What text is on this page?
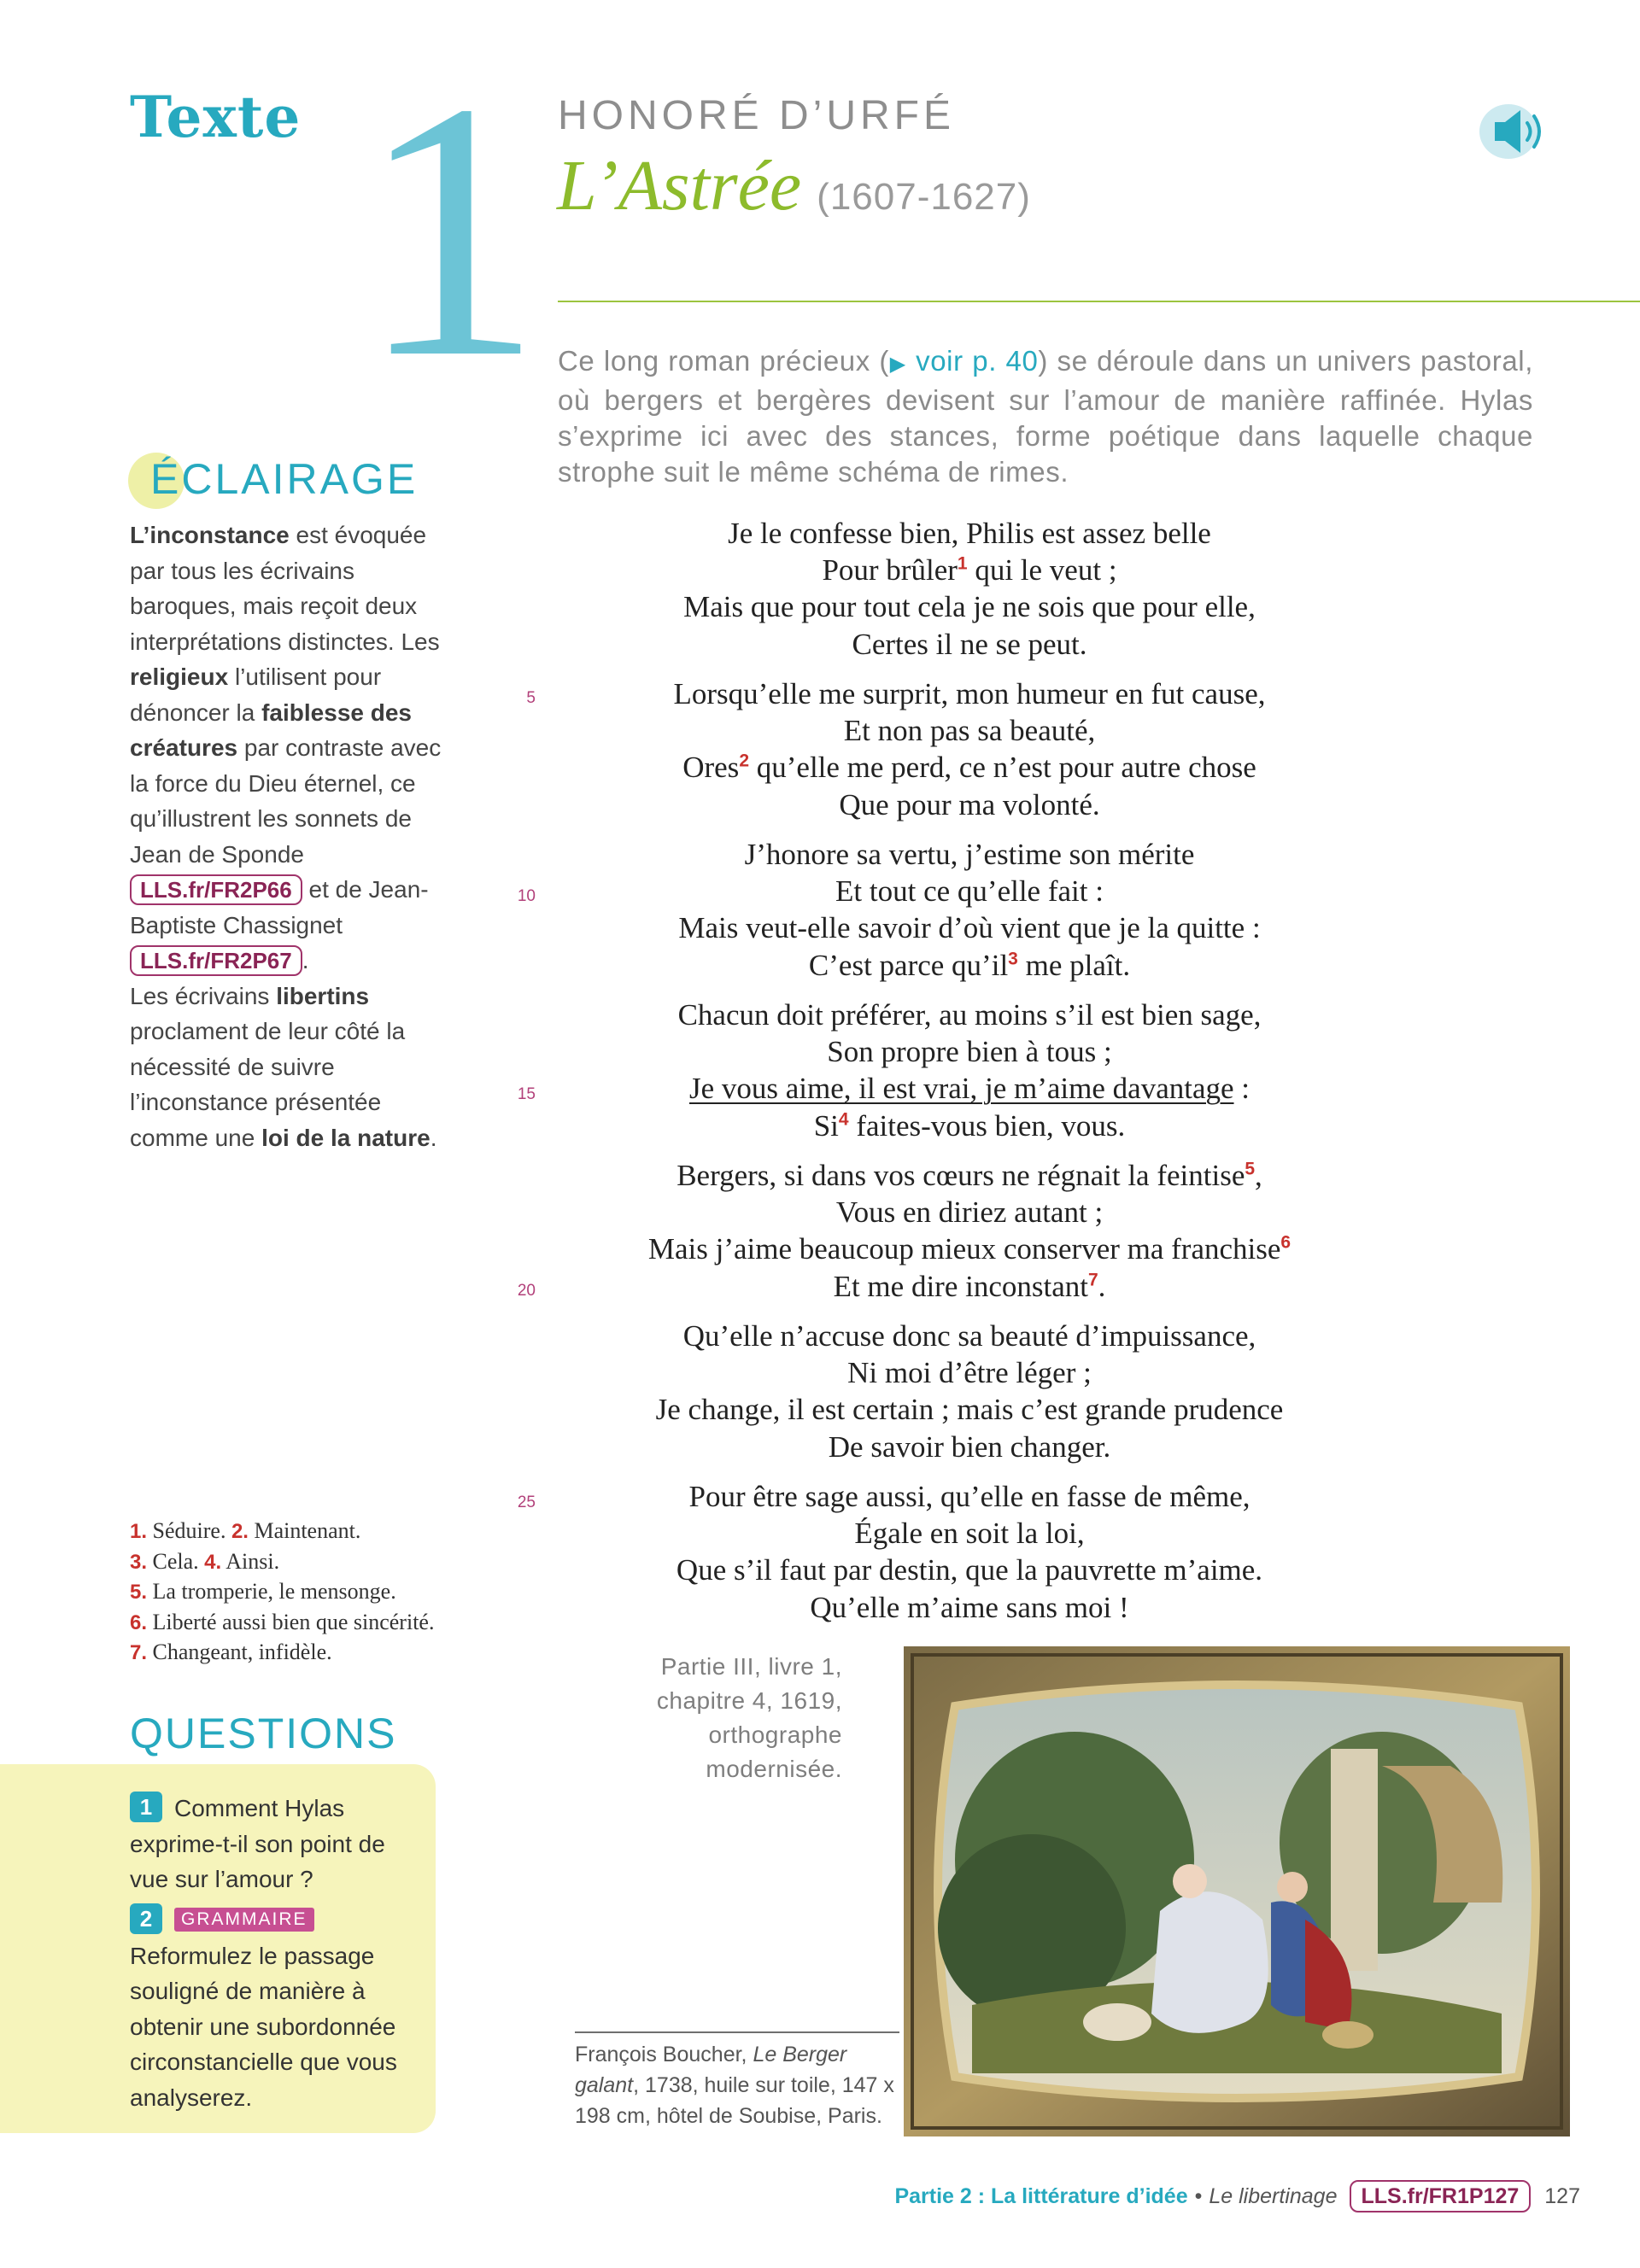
Texte 1 HONORÉ D’URFÉ
L’Astrée (1607-1627)

Ce long roman précieux (▶ voir p. 40) se déroule dans un univers pastoral, où bergers et bergères devisent sur l’amour de manière raffinée. Hylas s’exprime ici avec des stances, forme poétique dans laquelle chaque strophe suit le même schéma de rimes.

ÉCLAIRAGE
L’inconstance est évoquée par tous les écrivains baroques, mais reçoit deux interprétations distinctes. Les religieux l’utilisent pour dénoncer la faiblesse des créatures par contraste avec la force du Dieu éternel, ce qu’illustrent les sonnets de Jean de Sponde LLS.fr/FR2P66 et de Jean-Baptiste Chassignet LLS.fr/FR2P67 .
Les écrivains libertins proclament de leur côté la nécessité de suivre l’inconstance présentée comme une loi de la nature.
5
10
15
20
25
Je le confesse bien, Philis est assez belle
Pour brûler$^1$ qui le veut ;
Mais que pour tout cela je ne sois que pour elle,
Certes il ne se peut.
Lorsqu’elle me surprit, mon humeur en fut cause,
Et non pas sa beauté,
Ores$^2$ qu’elle me perd, ce n’est pour autre chose
Que pour ma volonté.
J’honore sa vertu, j’estime son mérite
Et tout ce qu’elle fait :
Mais veut-elle savoir d’où vient que je la quitte :
C’est parce $qu’il^3$ me plaît.
Chacun doit préférer, au moins s’il est bien sage,
Son propre bien à tous ;
Je vous aime, il est vrai, je m’aime davantage :
Si$^4$ faites-vous bien, vous.
Bergers, si dans vos cœurs ne régnait la feintise$^5$,
Vous en diriez autant ;
Mais j’aime beaucoup mieux conserver ma franchise$^6$
Et me dire inconstant$^7$.
Qu’elle n’accuse donc sa beauté d’impuissance,
Ni moi d’être léger ;
Je change, il est certain ; mais c’est grande prudence
De savoir bien changer.
Pour être sage aussi, qu’elle en fasse de même,
Égale en soit la loi,
Que s’il faut par destin, que la pauvrette m’aime.
Qu’elle m’aime sans moi !

Partie III, livre 1, chapitre 4, 1619, orthographe modernisée.

François Boucher, Le Berger galant, 1738, huile sur toile, 147 x 198 cm, hôtel de Soubise, Paris.

1. Séduire. 2. Maintenant.
3. Cela. 4. Ainsi.
5. La tromperie, le mensonge.
6. Liberté aussi bien que sincérité. 7. Changeant, infidèle.
QUESTIONS

1 Comment Hylas exprime-t-il son point de vue sur l’amour ?

2 GRAMMAIRE
Reformulez le passage souligné de manière à obtenir une subordonnée circonstancielle que vous analyserez.
Partie 2 : La littérature d’idée • Le libertinage	LLS.fr/FR1P127	127
